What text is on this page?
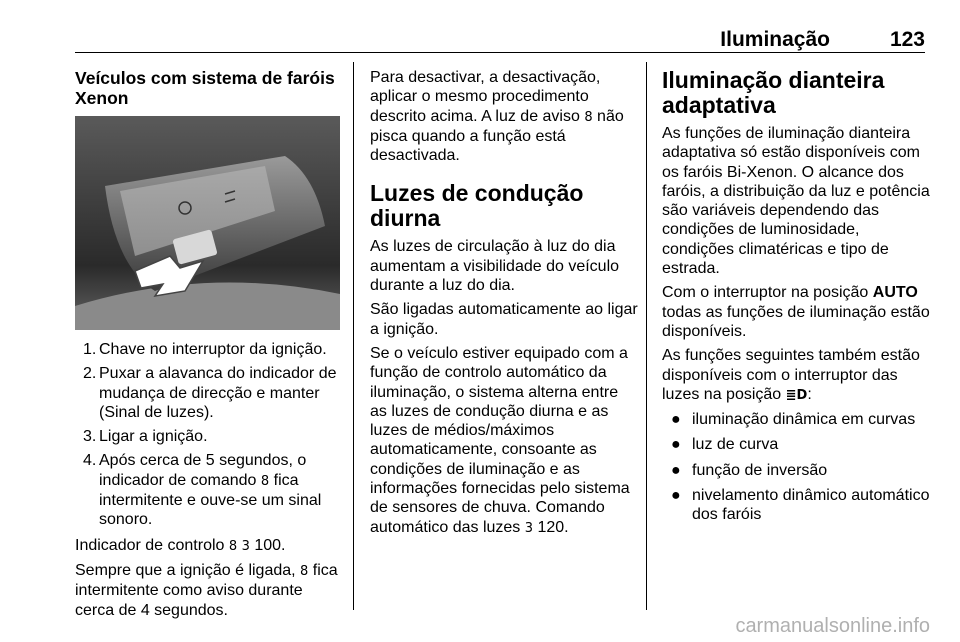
Iluminação	123
Veículos com sistema de faróis Xenon
1. Chave no interruptor da ignição.
2. Puxar a alavanca do indicador de mudança de direcção e manter (Sinal de luzes).
3. Ligar a ignição.
4. Após cerca de 5 segundos, o indicador de comando 8 fica intermitente e ouve-se um sinal sonoro.

Indicador de controlo 8 3 100.

Sempre que a ignição é ligada, 8 fica intermitente como aviso durante cerca de 4 segundos.

Para desactivar, a desactivação, aplicar o mesmo procedimento descrito acima. A luz de aviso 8 não pisca quando a função está desactivada.

Luzes de condução diurna

As luzes de circulação à luz do dia aumentam a visibilidade do veículo durante a luz do dia.

São ligadas automaticamente ao ligar a ignição.

Se o veículo estiver equipado com a função de controlo automático da iluminação, o sistema alterna entre as luzes de condução diurna e as luzes de médios/máximos automaticamente, consoante as condições de iluminação e as informações fornecidas pelo sistema de sensores de chuva. Comando automático das luzes 3 120.

Iluminação dianteira adaptativa

As funções de iluminação dianteira adaptativa só estão disponíveis com os faróis Bi-Xenon. O alcance dos faróis, a distribuição da luz e potência são variáveis dependendo das condições de luminosidade, condições climatéricas e tipo de estrada.

Com o interruptor na posição AUTO todas as funções de iluminação estão disponíveis.

As funções seguintes também estão disponíveis com o interruptor das luzes na posição ≣D:

● iluminação dinâmica em curvas
● luz de curva
● função de inversão
● nivelamento dinâmico automático dos faróis
carmanualsonline.info
